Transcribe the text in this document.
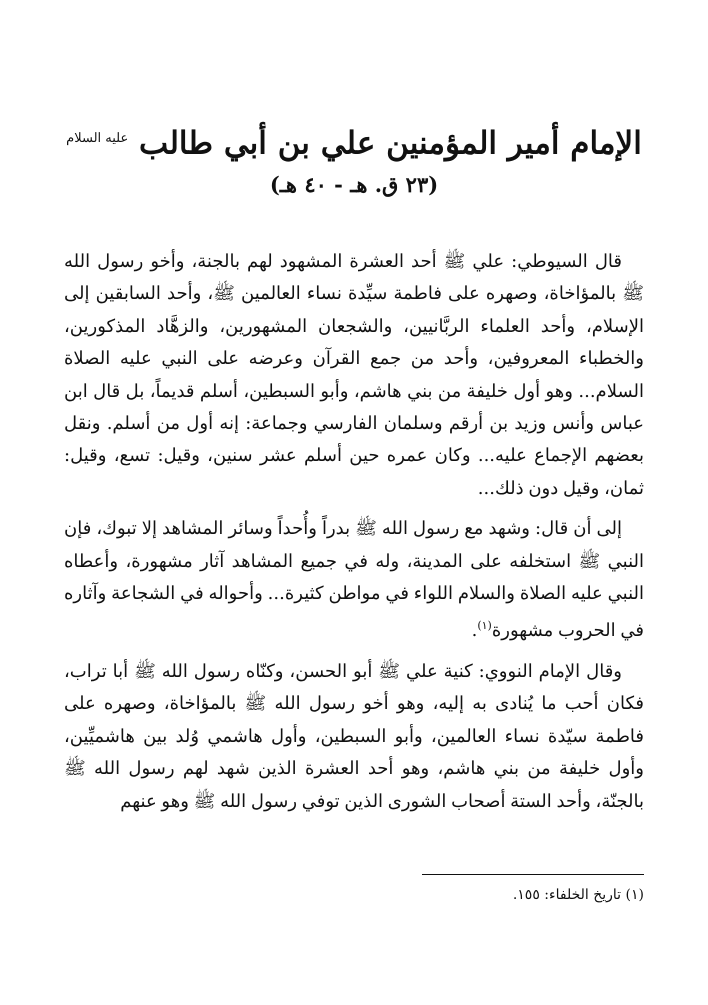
الإمام أمير المؤمنين علي بن أبي طالب $^{عليه السلام}$
(٢٣ ق. هـ - ٤٠ هـ)

قال السيوطي: علي ﷺ أحد العشرة المشهود لهم بالجنة، وأخو رسول الله ﷺ بالمؤاخاة، وصهره على فاطمة سيِّدة نساء العالمين ﷺ، وأحد السابقين إلى الإسلام، وأحد العلماء الربَّانيين، والشجعان المشهورين، والزهَّاد المذكورين، والخطباء المعروفين، وأحد من جمع القرآن وعرضه على النبي عليه الصلاة السلام... وهو أول خليفة من بني هاشم، وأبو السبطين، أسلم قديماً، بل قال ابن عباس وأنس وزيد بن أرقم وسلمان الفارسي وجماعة: إنه أول من أسلم. ونقل بعضهم الإجماع عليه... وكان عمره حين أسلم عشر سنين، وقيل: تسع، وقيل: ثمان، وقيل دون ذلك...

إلى أن قال: وشهد مع رسول الله ﷺ بدراً وأُحداً وسائر المشاهد إلا تبوك، فإن النبي ﷺ استخلفه على المدينة، وله في جميع المشاهد آثار مشهورة، وأعطاه النبي عليه الصلاة والسلام اللواء في مواطن كثيرة... وأحواله في الشجاعة وآثاره في الحروب مشهورة$^{(١)}$.

وقال الإمام النووي: كنية علي ﷺ أبو الحسن، وكنّاه رسول الله ﷺ أبا تراب، فكان أحب ما يُنادى به إليه، وهو أخو رسول الله ﷺ بالمؤاخاة، وصهره على فاطمة سيّدة نساء العالمين، وأبو السبطين، وأول هاشمي وُلد بين هاشميِّين، وأول خليفة من بني هاشم، وهو أحد العشرة الذين شهد لهم رسول الله ﷺ بالجنّة، وأحد الستة أصحاب الشورى الذين توفي رسول الله ﷺ وهو عنهم

(١) تاريخ الخلفاء: ١٥٥.
